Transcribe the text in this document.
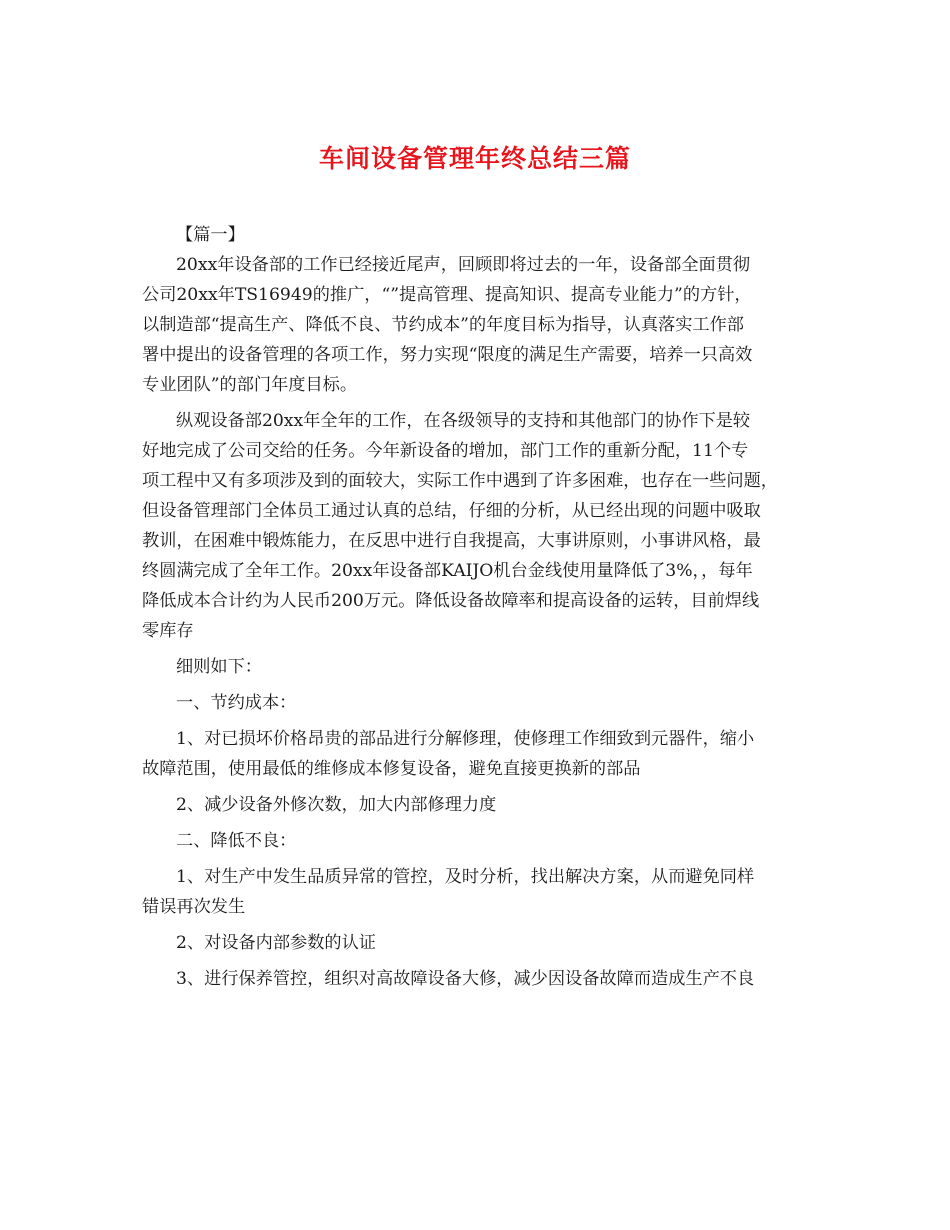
车间设备管理年终总结三篇
【篇一】
20xx年设备部的工作已经接近尾声，回顾即将过去的一年，设备部全面贯彻
公司20xx年TS16949的推广，“”提高管理、提高知识、提高专业能力”的方针，
以制造部“提高生产、降低不良、节约成本”的年度目标为指导，认真落实工作部
署中提出的设备管理的各项工作，努力实现“限度的满足生产需要，培养一只高效
专业团队”的部门年度目标。
纵观设备部20xx年全年的工作，在各级领导的支持和其他部门的协作下是较
好地完成了公司交给的任务。今年新设备的增加，部门工作的重新分配，11个专
项工程中又有多项涉及到的面较大，实际工作中遇到了许多困难，也存在一些问题，
但设备管理部门全体员工通过认真的总结，仔细的分析，从已经出现的问题中吸取
教训，在困难中锻炼能力，在反思中进行自我提高，大事讲原则，小事讲风格，最
终圆满完成了全年工作。20xx年设备部KAIJO机台金线使用量降低了3%，，每年
降低成本合计约为人民币200万元。降低设备故障率和提高设备的运转，目前焊线
零库存
细则如下：
一、节约成本：
1、对已损坏价格昂贵的部品进行分解修理，使修理工作细致到元器件，缩小
故障范围，使用最低的维修成本修复设备，避免直接更换新的部品
2、减少设备外修次数，加大内部修理力度
二、降低不良：
1、对生产中发生品质异常的管控，及时分析，找出解决方案，从而避免同样
错误再次发生
2、对设备内部参数的认证
3、进行保养管控，组织对高故障设备大修，减少因设备故障而造成生产不良
